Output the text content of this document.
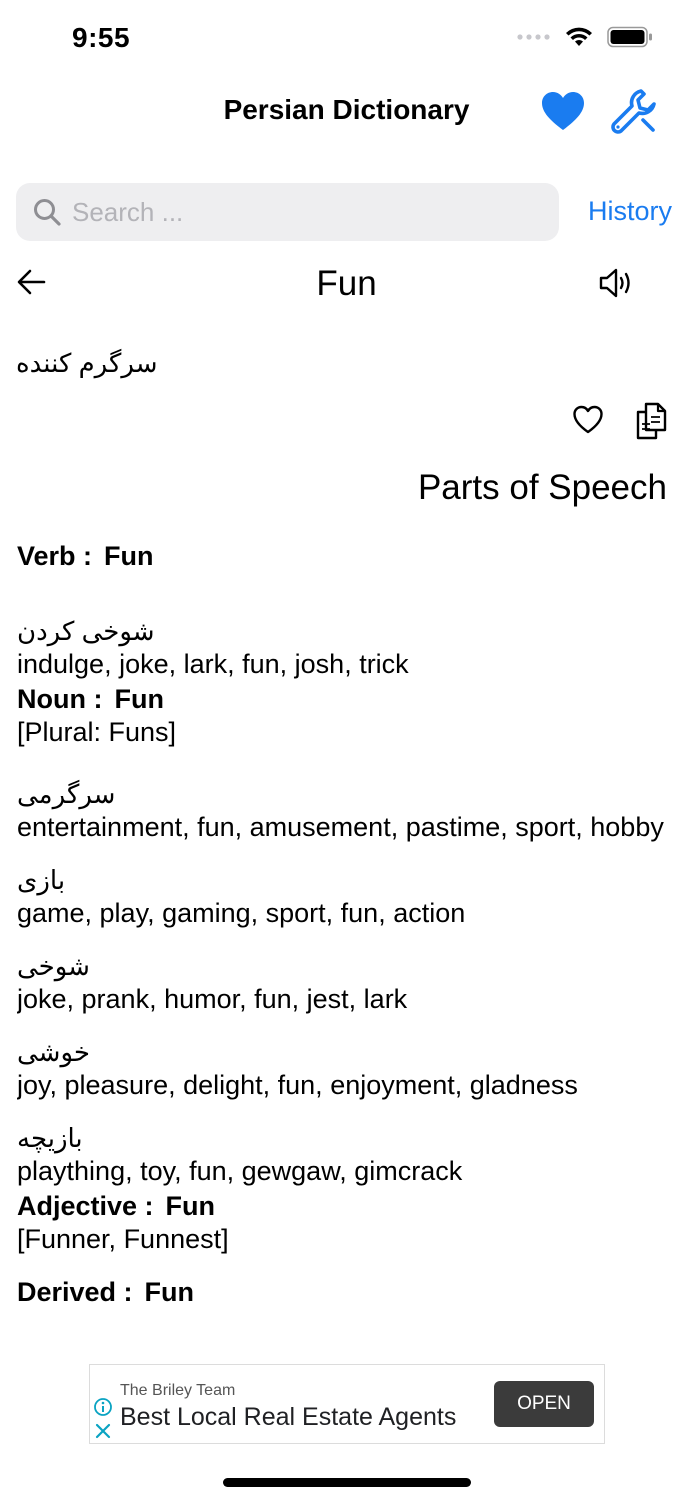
9:55
Persian Dictionary
Search ...
History
Fun
سرگرم کننده
Parts of Speech
Verb : Fun
شوخی کردن
indulge, joke, lark, fun, josh, trick
Noun : Fun
[Plural: Funs]
سرگرمی
entertainment, fun, amusement, pastime, sport, hobby
بازی
game, play, gaming, sport, fun, action
شوخی
joke, prank, humor, fun, jest, lark
خوشی
joy, pleasure, delight, fun, enjoyment, gladness
بازیچه
plaything, toy, fun, gewgaw, gimcrack
Adjective : Fun
[Funner, Funnest]
Derived : Fun
The Briley Team
Best Local Real Estate Agents	OPEN
